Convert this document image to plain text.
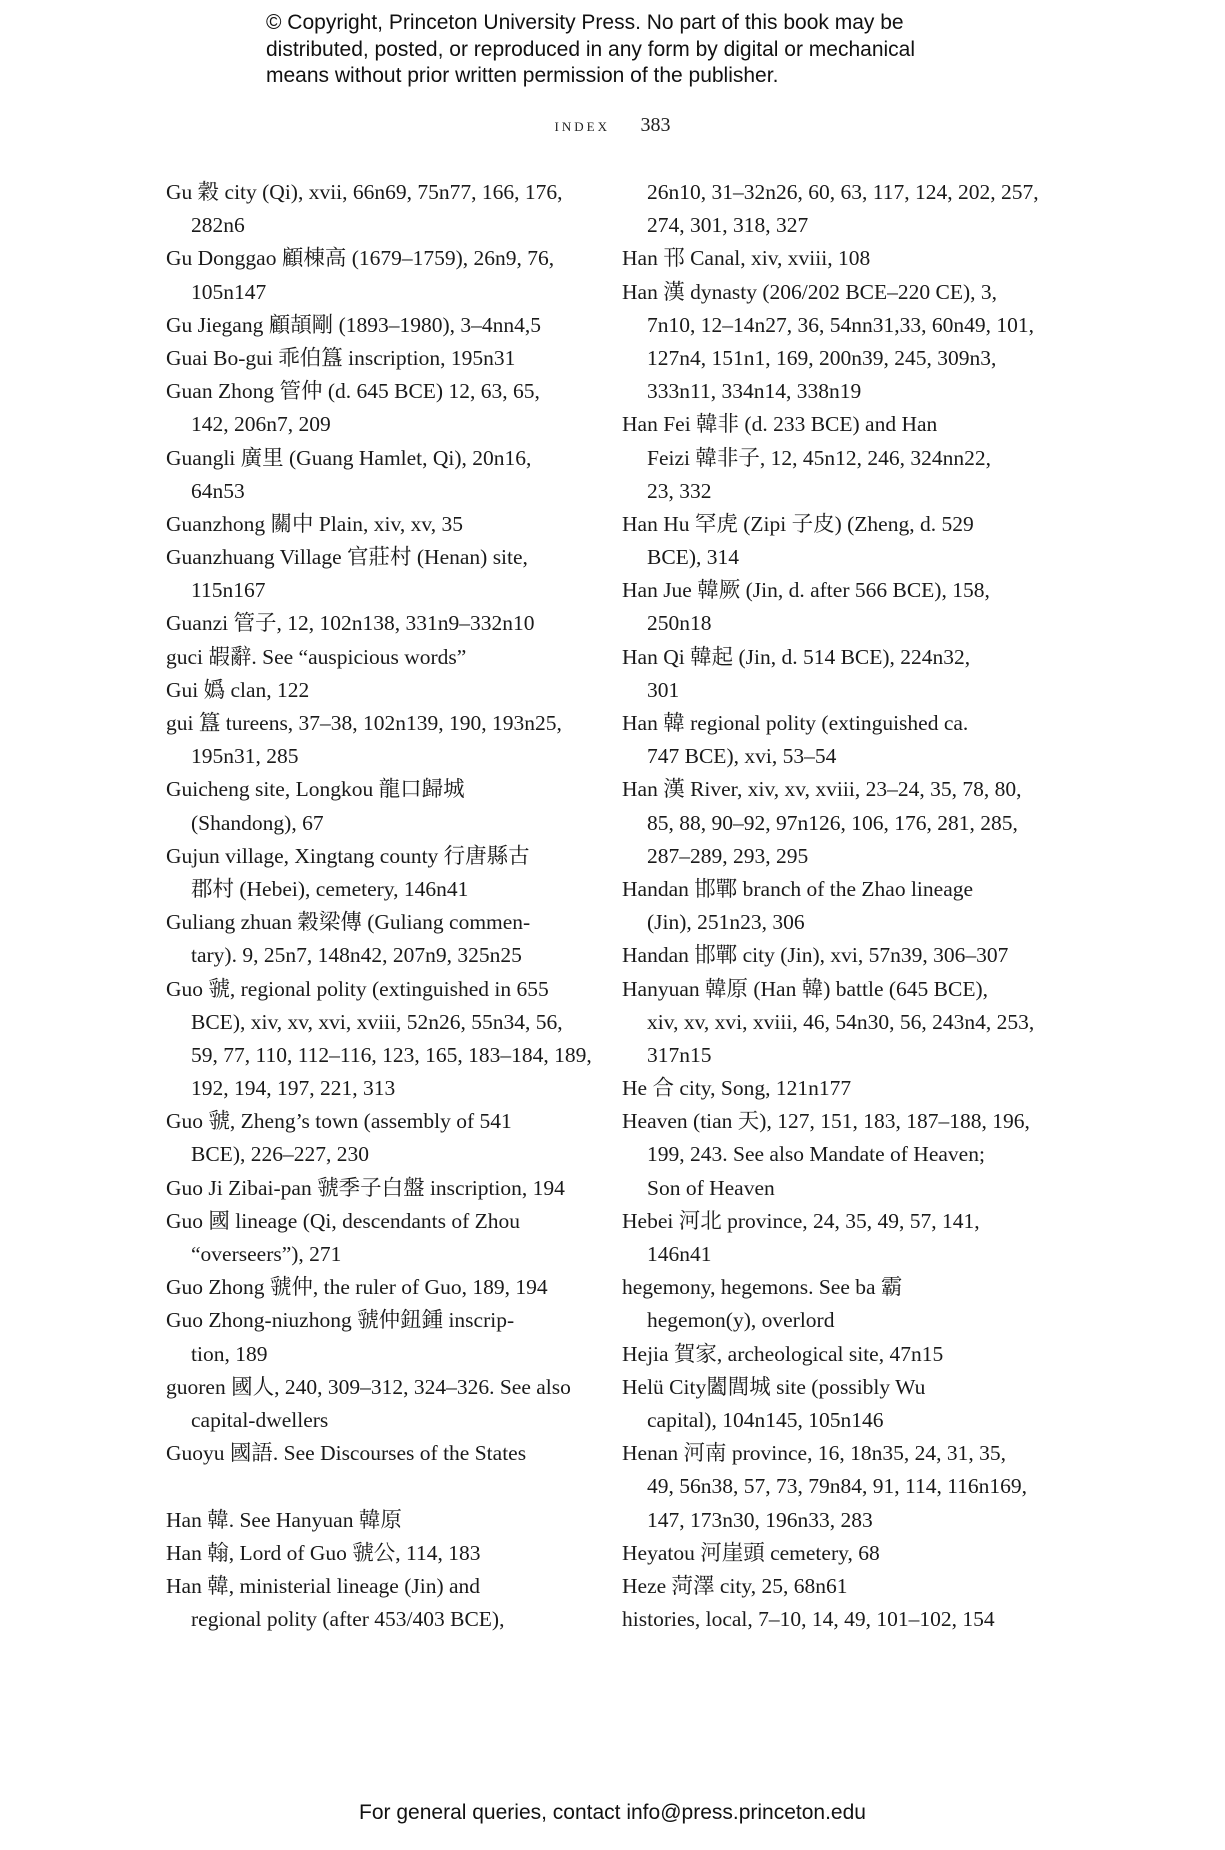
© Copyright, Princeton University Press. No part of this book may be
distributed, posted, or reproduced in any form by digital or mechanical
means without prior written permission of the publisher.
index 383
Gu 穀 city (Qi), xvii, 66n69, 75n77, 166, 176,
282n6
Gu Donggao 顧棟高 (1679–1759), 26n9, 76,
105n147
Gu Jiegang 顧頡剛 (1893–1980), 3–4nn4,5
Guai Bo-gui 乖伯簋 inscription, 195n31
Guan Zhong 管仲 (d. 645 BCE) 12, 63, 65,
142, 206n7, 209
Guangli 廣里 (Guang Hamlet, Qi), 20n16,
64n53
Guanzhong 關中 Plain, xiv, xv, 35
Guanzhuang Village 官莊村 (Henan) site,
115n167
Guanzi 管子, 12, 102n138, 331n9–332n10
guci 嘏辭. See “auspicious words”
Gui 嬀 clan, 122
gui 簋 tureens, 37–38, 102n139, 190, 193n25,
195n31, 285
Guicheng site, Longkou 龍口歸城
(Shandong), 67
Gujun village, Xingtang county 行唐縣古
郡村 (Hebei), cemetery, 146n41
Guliang zhuan 穀梁傳 (Guliang commen-
tary). 9, 25n7, 148n42, 207n9, 325n25
Guo 虢, regional polity (extinguished in 655
BCE), xiv, xv, xvi, xviii, 52n26, 55n34, 56,
59, 77, 110, 112–116, 123, 165, 183–184, 189,
192, 194, 197, 221, 313
Guo 虢, Zheng’s town (assembly of 541
BCE), 226–227, 230
Guo Ji Zibai-pan 虢季子白盤 inscription, 194
Guo 國 lineage (Qi, descendants of Zhou
“overseers”), 271
Guo Zhong 虢仲, the ruler of Guo, 189, 194
Guo Zhong-niuzhong 虢仲鈕鍾 inscrip-
tion, 189
guoren 國人, 240, 309–312, 324–326. See also
capital-dwellers
Guoyu 國語. See Discourses of the States
Han 韓. See Hanyuan 韓原
Han 翰, Lord of Guo 虢公, 114, 183
Han 韓, ministerial lineage (Jin) and
regional polity (after 453/403 BCE),
26n10, 31–32n26, 60, 63, 117, 124, 202, 257,
274, 301, 318, 327
Han 邗 Canal, xiv, xviii, 108
Han 漢 dynasty (206/202 BCE–220 CE), 3,
7n10, 12–14n27, 36, 54nn31,33, 60n49, 101,
127n4, 151n1, 169, 200n39, 245, 309n3,
333n11, 334n14, 338n19
Han Fei 韓非 (d. 233 BCE) and Han
Feizi 韓非子, 12, 45n12, 246, 324nn22,
23, 332
Han Hu 罕虎 (Zipi 子皮) (Zheng, d. 529
BCE), 314
Han Jue 韓厥 (Jin, d. after 566 BCE), 158,
250n18
Han Qi 韓起 (Jin, d. 514 BCE), 224n32,
301
Han 韓 regional polity (extinguished ca.
747 BCE), xvi, 53–54
Han 漢 River, xiv, xv, xviii, 23–24, 35, 78, 80,
85, 88, 90–92, 97n126, 106, 176, 281, 285,
287–289, 293, 295
Handan 邯鄲 branch of the Zhao lineage
(Jin), 251n23, 306
Handan 邯鄲 city (Jin), xvi, 57n39, 306–307
Hanyuan 韓原 (Han 韓) battle (645 BCE),
xiv, xv, xvi, xviii, 46, 54n30, 56, 243n4, 253,
317n15
He 合 city, Song, 121n177
Heaven (tian 天), 127, 151, 183, 187–188, 196,
199, 243. See also Mandate of Heaven;
Son of Heaven
Hebei 河北 province, 24, 35, 49, 57, 141,
146n41
hegemony, hegemons. See ba 霸
hegemon(y), overlord
Hejia 賀家, archeological site, 47n15
Helü City闔閭城 site (possibly Wu
capital), 104n145, 105n146
Henan 河南 province, 16, 18n35, 24, 31, 35,
49, 56n38, 57, 73, 79n84, 91, 114, 116n169,
147, 173n30, 196n33, 283
Heyatou 河崖頭 cemetery, 68
Heze 菏澤 city, 25, 68n61
histories, local, 7–10, 14, 49, 101–102, 154
For general queries, contact info@press.princeton.edu
